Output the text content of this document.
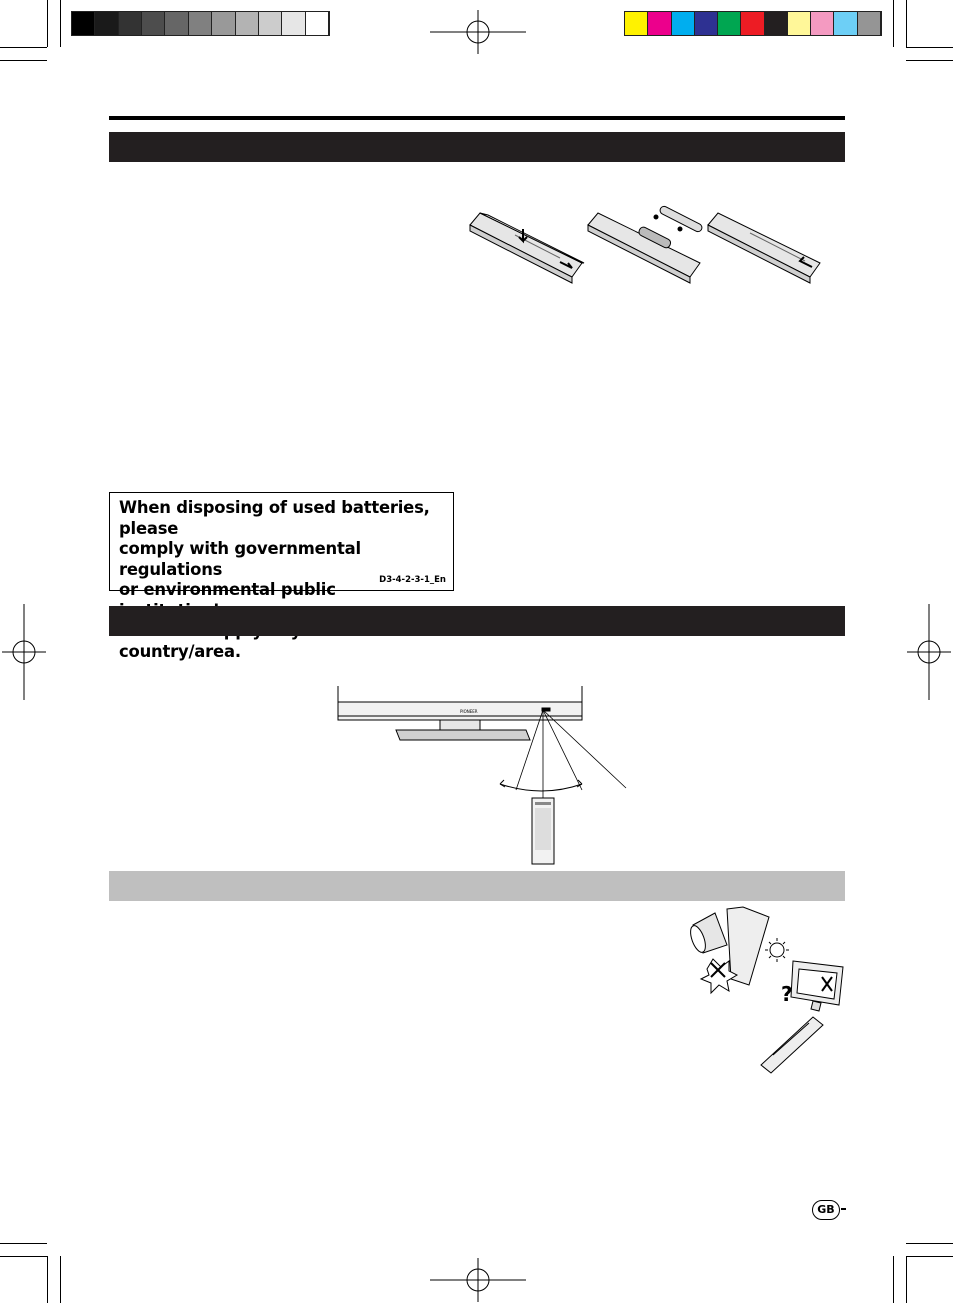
When disposing of used batteries, please
comply with governmental regulations
or environmental public
country/area.
D3-4-2-3-1_En
PIONEER
?
GB
